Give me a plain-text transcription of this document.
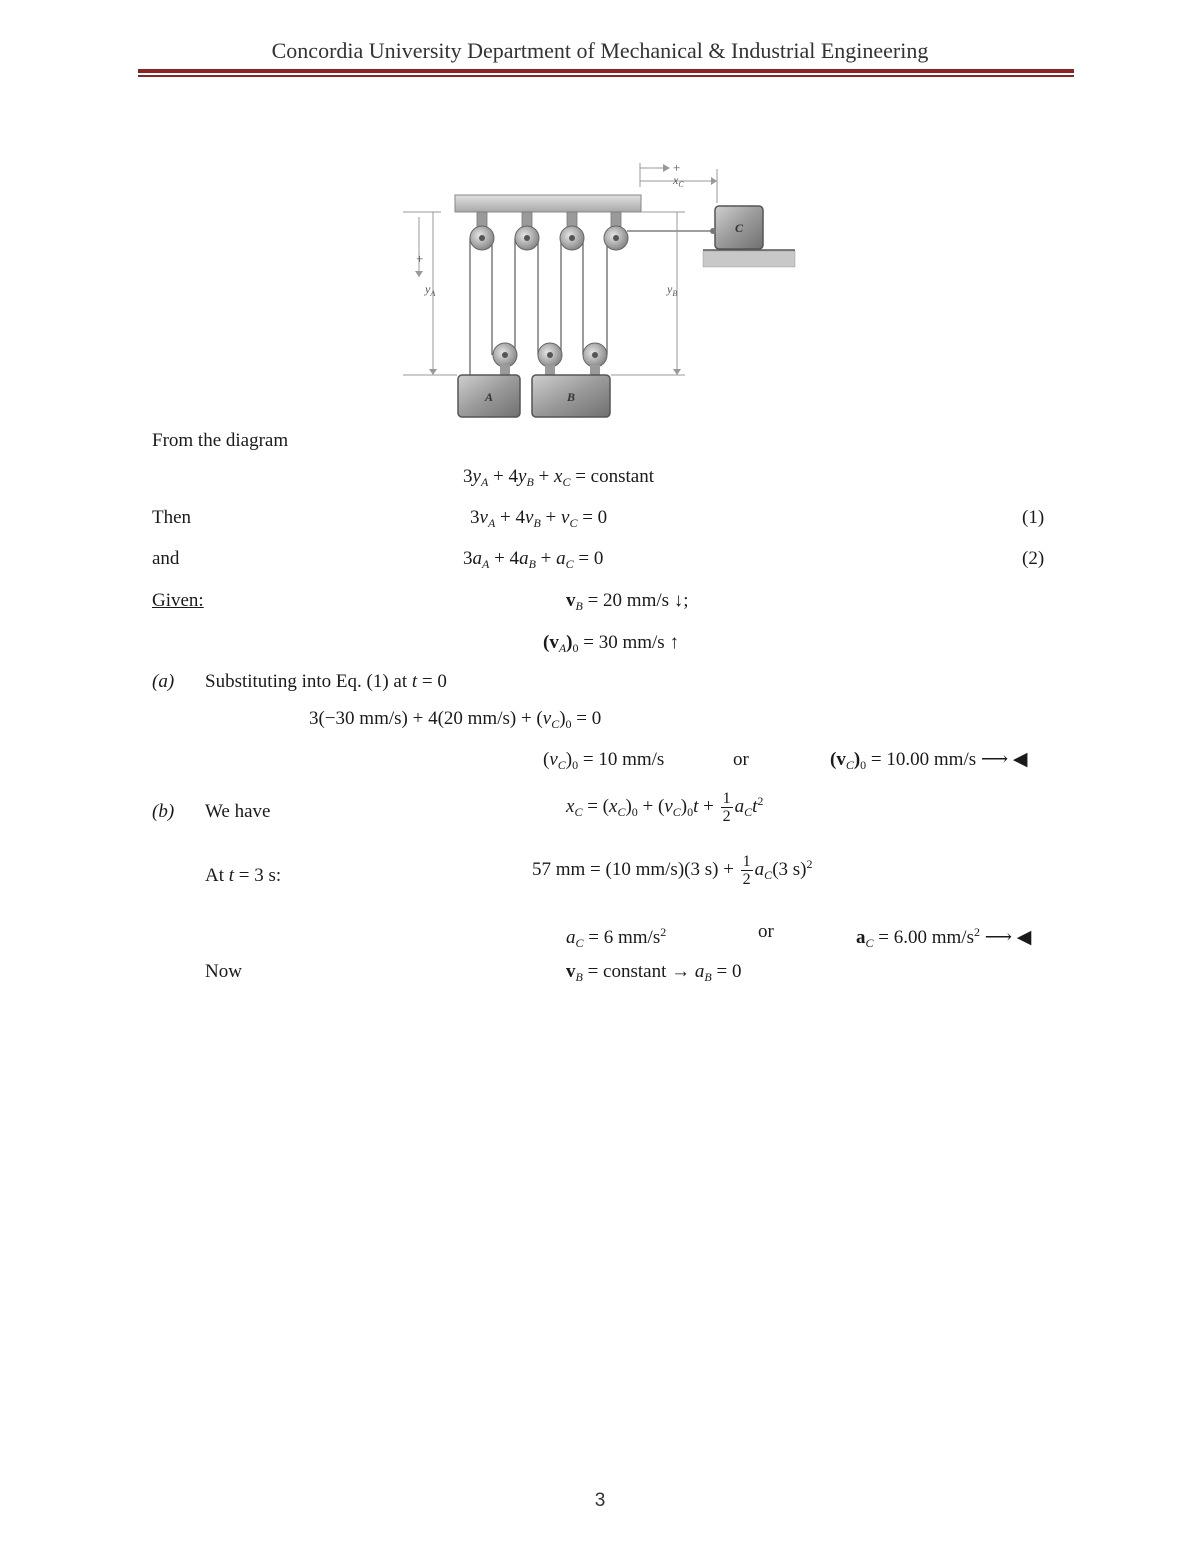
Concordia University Department of Mechanical & Industrial Engineering
A	B
C
+
$y_A$	$y_B$
+
$x_C$
From the diagram
$3y_A + 4y_B + x_C$ = constant
Then	$3v_A + 4v_B + v_C = 0$	(1)
and	$3a_A + 4a_B + a_C = 0$	(2)
Given:	$v_B = 20$ mm/s ↓;
$(v_A)_0 = 30$ mm/s ↑
(a) Substituting into Eq. (1) at t = 0
3(−30 mm/s) + 4(20 $mm/s) + (v_C)_0 = 0$
$(v_C)_0 = 10$ mm/s	or	$(v_C)_0 = 10.00$ mm/s ⟶ ◀
(b) We have	$x_C = (x_C)_0 + (v_C)_0t + \frac{1}{2} a_Ct^2$
At t = 3 s:	57 mm = (10 mm/s)(3 $s) + \frac{1}{2} a_C(3$ s)$^2$
$a_C = 6$ $mm/s^2$	or	$a_C = 6.00$ $mm/s^2$ ⟶ ◀
Now	$v_B$ = constant → $a_B = 0$
3
